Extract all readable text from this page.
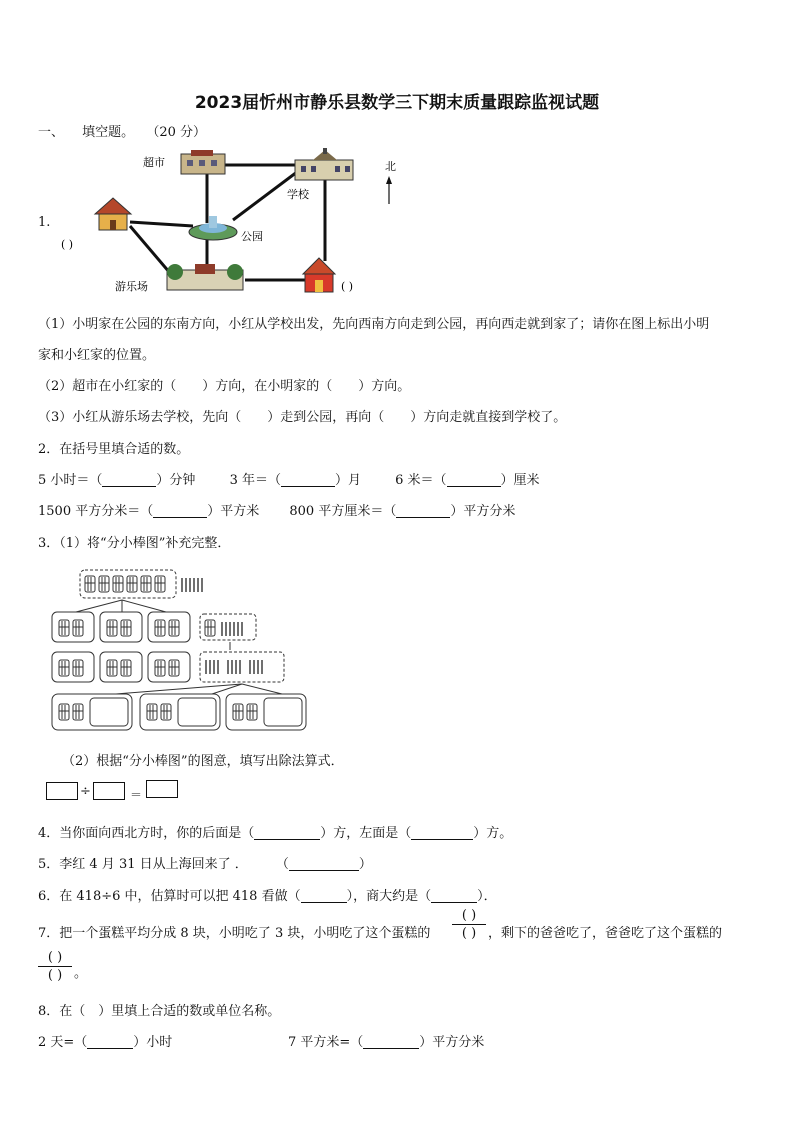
2023届忻州市静乐县数学三下期末质量跟踪监视试题
一、 填空题。 （20 分）
1.
超市
学校
北
( )
公园
游乐场	( )
（1）小明家在公园的东南方向，小红从学校出发，先向西南方向走到公园，再向西走就到家了；请你在图上标出小明
家和小红家的位置。
（2）超市在小红家的（　　）方向，在小明家的（　　）方向。
（3）小红从游乐场去学校，先向（　　）走到公园，再向（　　）方向走就直接到学校了。
2．在括号里填合适的数。
5 小时＝（	）分钟	3 年＝（	）月	6 米＝（	）厘米
1500 平方分米＝（	）平方米 800 平方厘米＝（	）平方分米
3．（1）将“分小棒图”补充完整．
（2）根据“分小棒图”的图意，填写出除法算式．
÷	＝
4．当你面向西北方时，你的后面是（	）方，左面是（	）方。
5．李红 4 月 31 日从上海回来了 ． （	）
6．在 418÷6 中，估算时可以把 418 看做（	），商大约是（	）．
7．把一个蛋糕平均分成 8 块，小明吃了 3 块，小明吃了这个蛋糕的
( )
( ) ，剩下的爸爸吃了，爸爸吃了这个蛋糕的
( )
( ) 。
8．在（　）里填上合适的数或单位名称。
2 天=（	）小时	7 平方米=（	）平方分米
